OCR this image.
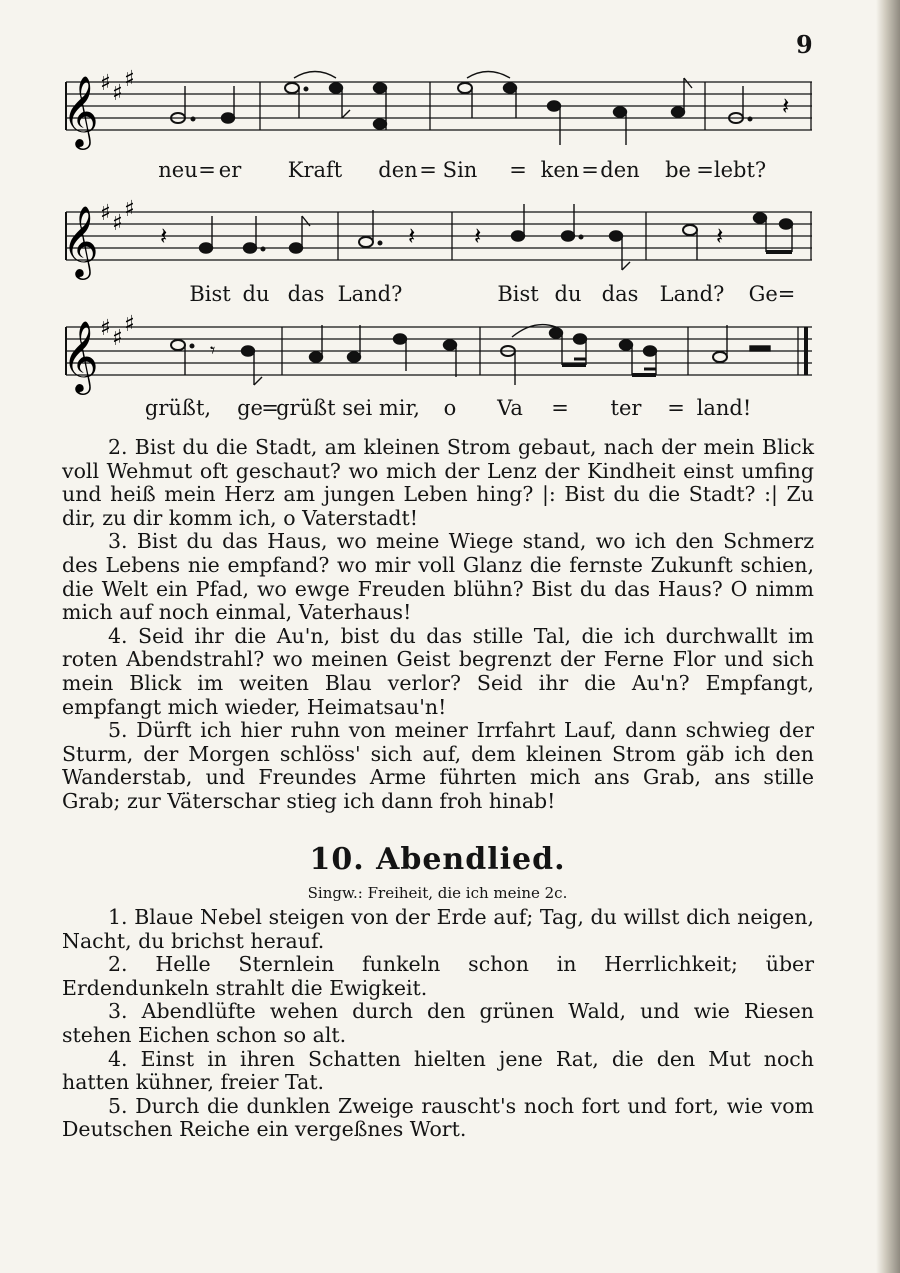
9
𝄞 ♯ ♯
♯
𝄽
neu = er Kraft den = Sin = ken = den be = lebt?
𝄞 ♯ ♯
♯
𝄽	𝄽 𝄽	𝄽
Bist du das Land?	Bist du das Land? Ge=
𝄞 ♯ ♯
♯
𝄾
grüßt, ge
=
grüßt sei mir, o Va = ter = land!

2. Bist du die Stadt, am kleinen Strom gebaut, nach der mein Blick voll Wehmut oft geschaut? wo mich der Lenz der Kindheit einst umfing und heiß mein Herz am jungen Leben hing? |: Bist du die Stadt? :| Zu dir, zu dir komm ich, o Vaterstadt!

3. Bist du das Haus, wo meine Wiege stand, wo ich den Schmerz des Lebens nie empfand? wo mir voll Glanz die fernste Zukunft schien, die Welt ein Pfad, wo ewge Freuden blühn? Bist du das Haus? O nimm mich auf noch einmal, Vaterhaus!

4. Seid ihr die Au'n, bist du das stille Tal, die ich durchwallt im roten Abendstrahl? wo meinen Geist begrenzt der Ferne Flor und sich mein Blick im weiten Blau verlor? Seid ihr die Au'n? Empfangt, empfangt mich wieder, Heimatsau'n!

5. Dürft ich hier ruhn von meiner Irrfahrt Lauf, dann schwieg der Sturm, der Morgen schlöss' sich auf, dem kleinen Strom gäb ich den Wanderstab, und Freundes Arme führten mich ans Grab, ans stille Grab; zur Väterschar stieg ich dann froh hinab!

10. Abendlied.
Singw.: Freiheit, die ich meine 2c.

1. Blaue Nebel steigen von der Erde auf; Tag, du willst dich neigen, Nacht, du brichst herauf.

2. Helle Sternlein funkeln schon in Herrlichkeit; über Erdendunkeln strahlt die Ewigkeit.

3. Abendlüfte wehen durch den grünen Wald, und wie Riesen stehen Eichen schon so alt.

4. Einst in ihren Schatten hielten jene Rat, die den Mut noch hatten kühner, freier Tat.

5. Durch die dunklen Zweige rauscht's noch fort und fort, wie vom Deutschen Reiche ein vergeßnes Wort.
